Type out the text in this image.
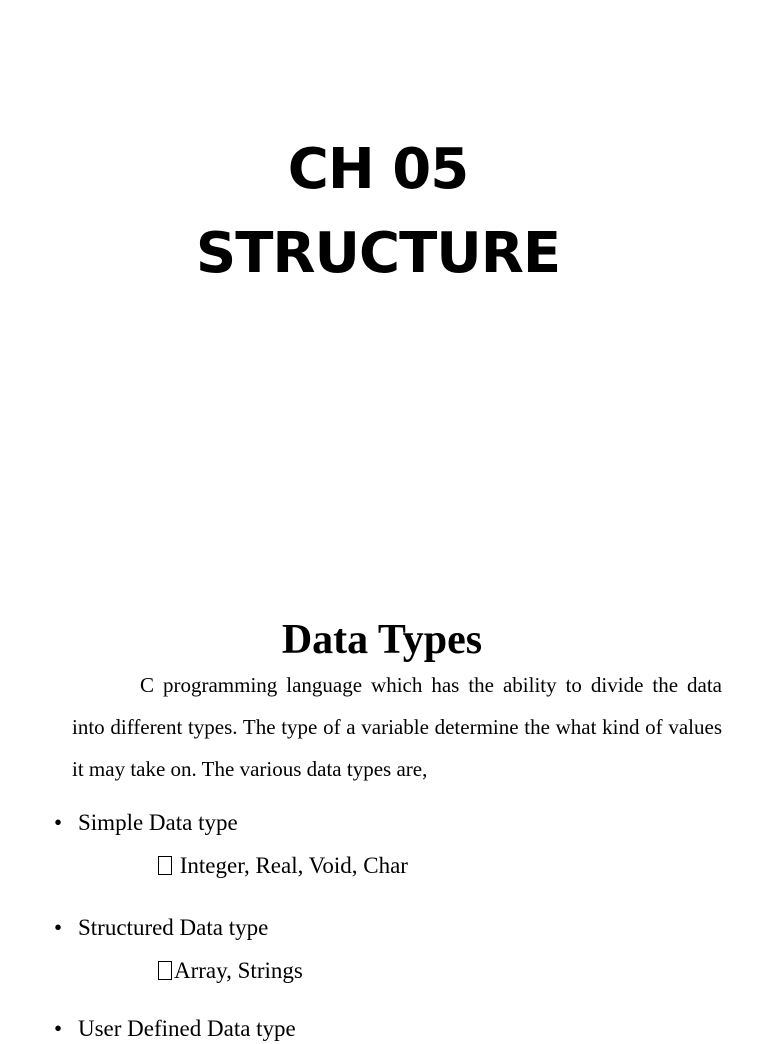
CH 05
STRUCTURE
Data Types
C programming language which has the ability to divide the data into different types. The type of a variable determine the what kind of values it may take on. The various data types are,
• Simple Data type
Integer, Real, Void, Char
• Structured Data type
Array, Strings
• User Defined Data type
